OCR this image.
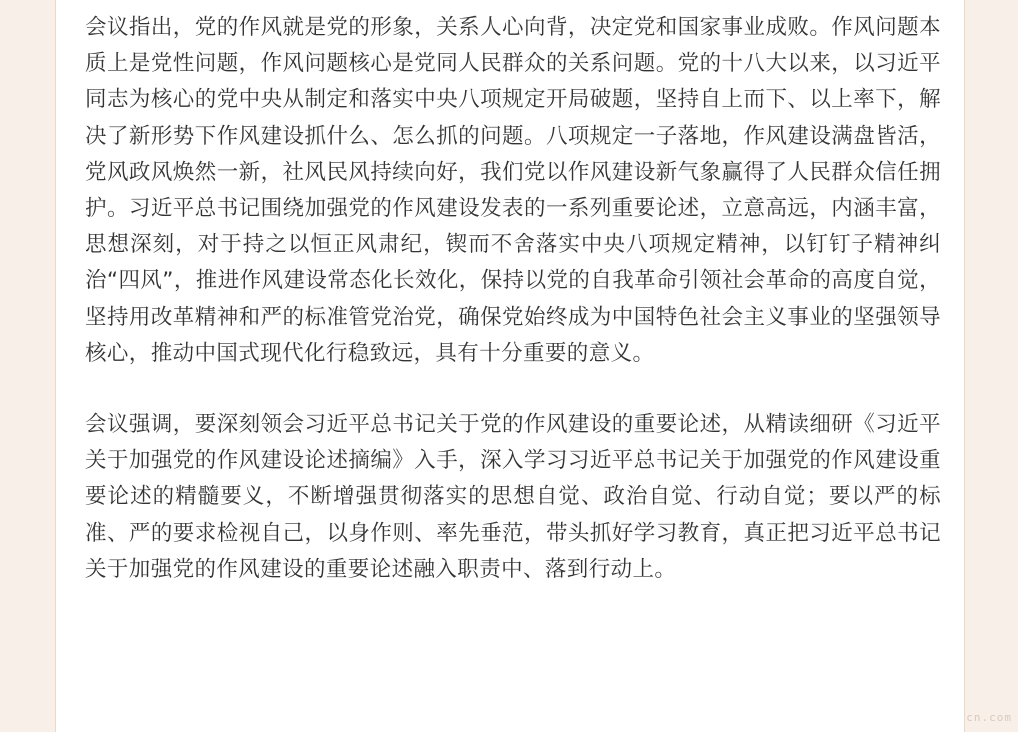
会议指出，党的作风就是党的形象，关系人心向背，决定党和国家事业成败。作风问题本质上是党性问题，作风问题核心是党同人民群众的关系问题。党的十八大以来，以习近平同志为核心的党中央从制定和落实中央八项规定开局破题，坚持自上而下、以上率下，解决了新形势下作风建设抓什么、怎么抓的问题。八项规定一子落地，作风建设满盘皆活，党风政风焕然一新，社风民风持续向好，我们党以作风建设新气象赢得了人民群众信任拥护。习近平总书记围绕加强党的作风建设发表的一系列重要论述，立意高远，内涵丰富，思想深刻，对于持之以恒正风肃纪，锲而不舍落实中央八项规定精神，以钉钉子精神纠治“四风”，推进作风建设常态化长效化，保持以党的自我革命引领社会革命的高度自觉，坚持用改革精神和严的标准管党治党，确保党始终成为中国特色社会主义事业的坚强领导核心，推动中国式现代化行稳致远，具有十分重要的意义。

会议强调，要深刻领会习近平总书记关于党的作风建设的重要论述，从精读细研《习近平关于加强党的作风建设论述摘编》入手，深入学习习近平总书记关于加强党的作风建设重要论述的精髓要义，不断增强贯彻落实的思想自觉、政治自觉、行动自觉；要以严的标准、严的要求检视自己，以身作则、率先垂范，带头抓好学习教育，真正把习近平总书记关于加强党的作风建设的重要论述融入职责中、落到行动上。

cn.com
